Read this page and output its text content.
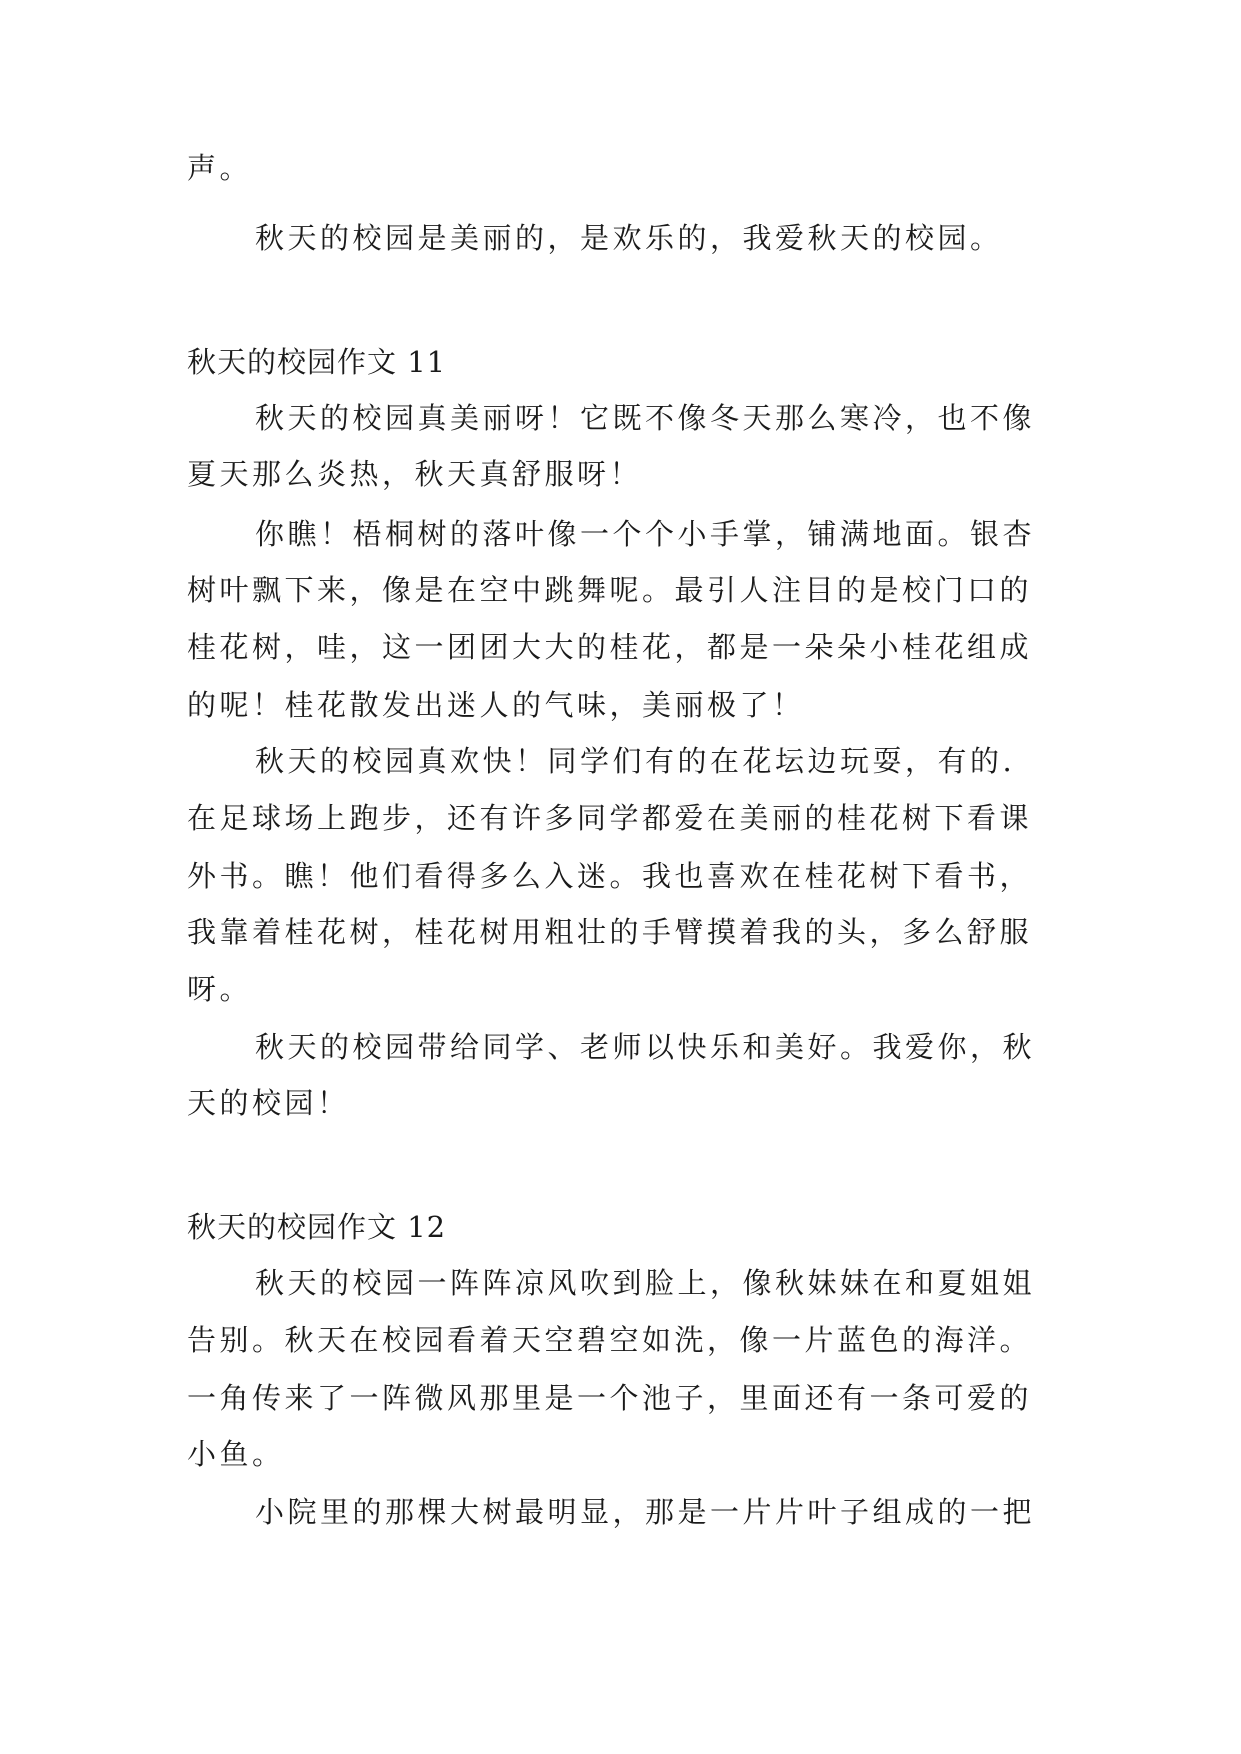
声。
秋天的校园是美丽的，是欢乐的，我爱秋天的校园。
秋天的校园作文 11
秋天的校园真美丽呀！它既不像冬天那么寒冷，也不像
夏天那么炎热，秋天真舒服呀！
你瞧！梧桐树的落叶像一个个小手掌，铺满地面。银杏
树叶飘下来，像是在空中跳舞呢。最引人注目的是校门口的
桂花树，哇，这一团团大大的桂花，都是一朵朵小桂花组成
的呢！桂花散发出迷人的气味，美丽极了！
秋天的校园真欢快！同学们有的在花坛边玩耍，有的.
在足球场上跑步，还有许多同学都爱在美丽的桂花树下看课
外书。瞧！他们看得多么入迷。我也喜欢在桂花树下看书，
我靠着桂花树，桂花树用粗壮的手臂摸着我的头，多么舒服
呀。
秋天的校园带给同学、老师以快乐和美好。我爱你，秋
天的校园！
秋天的校园作文 12
秋天的校园一阵阵凉风吹到脸上，像秋妹妹在和夏姐姐
告别。秋天在校园看着天空碧空如洗，像一片蓝色的海洋。
一角传来了一阵微风那里是一个池子，里面还有一条可爱的
小鱼。
小院里的那棵大树最明显，那是一片片叶子组成的一把
